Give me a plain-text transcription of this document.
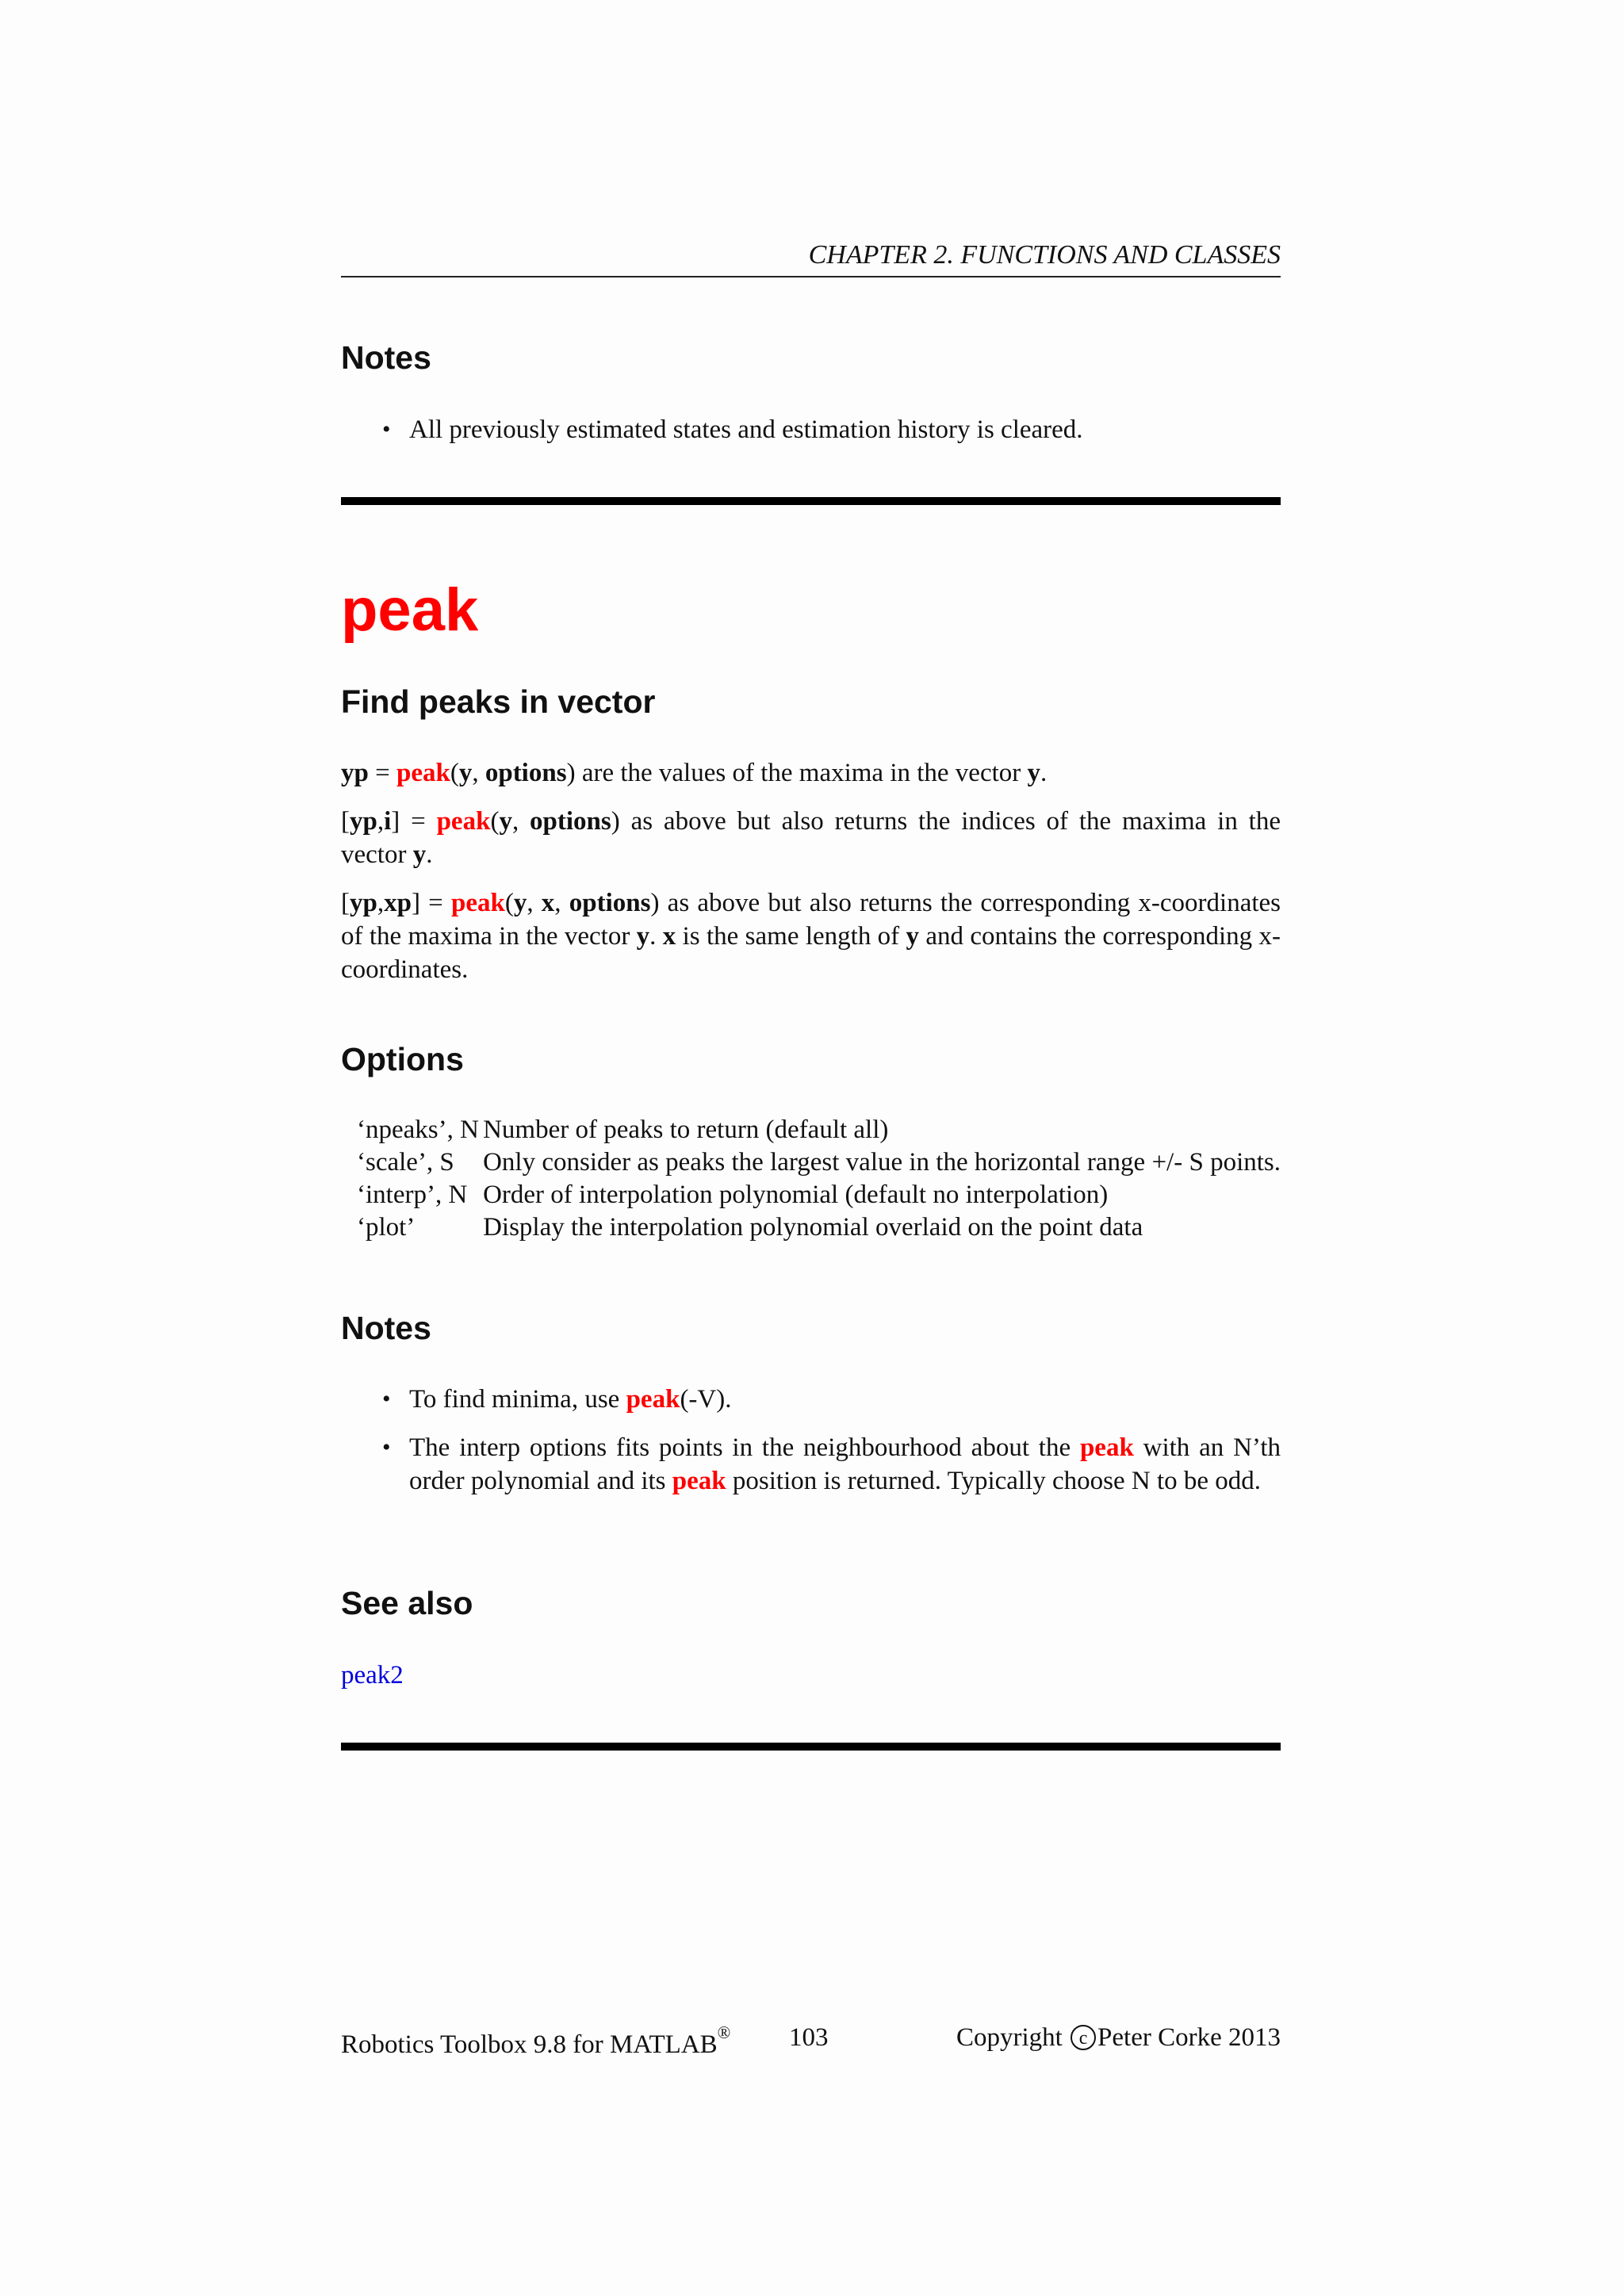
CHAPTER 2. FUNCTIONS AND CLASSES
Notes
• All previously estimated states and estimation history is cleared.
peak
Find peaks in vector

yp = peak(y, options) are the values of the maxima in the vector y.

[yp,i] = peak(y, options) as above but also returns the indices of the maxima in the vector y.

[yp,xp] = peak(y, x, options) as above but also returns the corresponding x-coordinates of the maxima in the vector y. x is the same length of y and contains the corresponding x-coordinates.

Options
‘npeaks’, N	Number of peaks to return (default all)
‘scale’, S	Only consider as peaks the largest value in the horizontal range +/- S points.
‘interp’, N	Order of interpolation polynomial (default no interpolation)
‘plot’	Display the interpolation polynomial overlaid on the point data
Notes
• To find minima, use peak(-V).
• The interp options fits points in the neighbourhood about the peak with an N’th order polynomial and its peak position is returned. Typically choose N to be odd.
See also
peak2
Robotics Toolbox 9.8 for MATLAB® 103	Copyright c Peter Corke 2013
